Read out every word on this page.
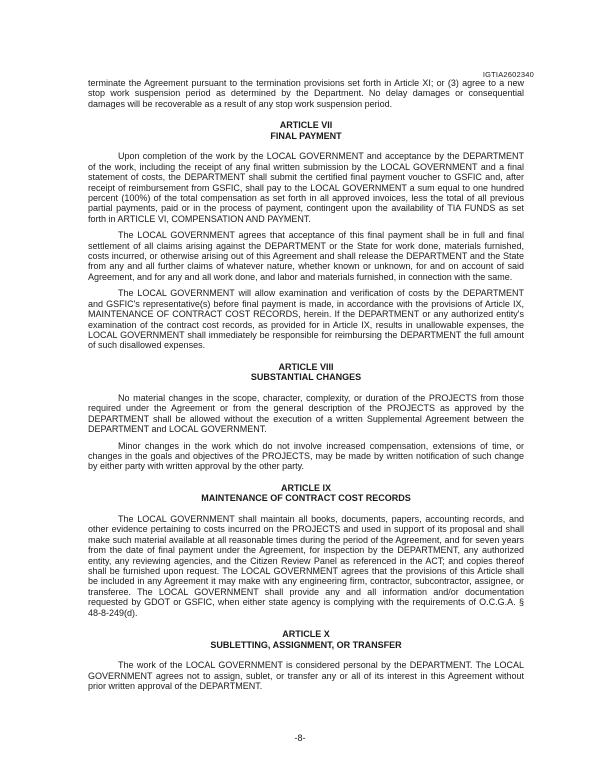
IGTIA2602340

terminate the Agreement pursuant to the termination provisions set forth in Article XI; or (3) agree to a new stop work suspension period as determined by the Department. No delay damages or consequential damages will be recoverable as a result of any stop work suspension period.

ARTICLE VII
FINAL PAYMENT

Upon completion of the work by the LOCAL GOVERNMENT and acceptance by the DEPARTMENT of the work, including the receipt of any final written submission by the LOCAL GOVERNMENT and a final statement of costs, the DEPARTMENT shall submit the certified final payment voucher to GSFIC and, after receipt of reimbursement from GSFIC, shall pay to the LOCAL GOVERNMENT a sum equal to one hundred percent (100%) of the total compensation as set forth in all approved invoices, less the total of all previous partial payments, paid or in the process of payment, contingent upon the availability of TIA FUNDS as set forth in ARTICLE VI, COMPENSATION AND PAYMENT.

The LOCAL GOVERNMENT agrees that acceptance of this final payment shall be in full and final settlement of all claims arising against the DEPARTMENT or the State for work done, materials furnished, costs incurred, or otherwise arising out of this Agreement and shall release the DEPARTMENT and the State from any and all further claims of whatever nature, whether known or unknown, for and on account of said Agreement, and for any and all work done, and labor and materials furnished, in connection with the same.

The LOCAL GOVERNMENT will allow examination and verification of costs by the DEPARTMENT and GSFIC's representative(s) before final payment is made, in accordance with the provisions of Article IX, MAINTENANCE OF CONTRACT COST RECORDS, herein. If the DEPARTMENT or any authorized entity's examination of the contract cost records, as provided for in Article IX, results in unallowable expenses, the LOCAL GOVERNMENT shall immediately be responsible for reimbursing the DEPARTMENT the full amount of such disallowed expenses.

ARTICLE VIII
SUBSTANTIAL CHANGES

No material changes in the scope, character, complexity, or duration of the PROJECTS from those required under the Agreement or from the general description of the PROJECTS as approved by the DEPARTMENT shall be allowed without the execution of a written Supplemental Agreement between the DEPARTMENT and LOCAL GOVERNMENT.

Minor changes in the work which do not involve increased compensation, extensions of time, or changes in the goals and objectives of the PROJECTS, may be made by written notification of such change by either party with written approval by the other party.

ARTICLE IX
MAINTENANCE OF CONTRACT COST RECORDS

The LOCAL GOVERNMENT shall maintain all books, documents, papers, accounting records, and other evidence pertaining to costs incurred on the PROJECTS and used in support of its proposal and shall make such material available at all reasonable times during the period of the Agreement, and for seven years from the date of final payment under the Agreement, for inspection by the DEPARTMENT, any authorized entity, any reviewing agencies, and the Citizen Review Panel as referenced in the ACT; and copies thereof shall be furnished upon request. The LOCAL GOVERNMENT agrees that the provisions of this Article shall be included in any Agreement it may make with any engineering firm, contractor, subcontractor, assignee, or transferee. The LOCAL GOVERNMENT shall provide any and all information and/or documentation requested by GDOT or GSFIC, when either state agency is complying with the requirements of O.C.G.A. § 48-8-249(d).

ARTICLE X
SUBLETTING, ASSIGNMENT, OR TRANSFER

The work of the LOCAL GOVERNMENT is considered personal by the DEPARTMENT. The LOCAL GOVERNMENT agrees not to assign, sublet, or transfer any or all of its interest in this Agreement without prior written approval of the DEPARTMENT.

-8-
